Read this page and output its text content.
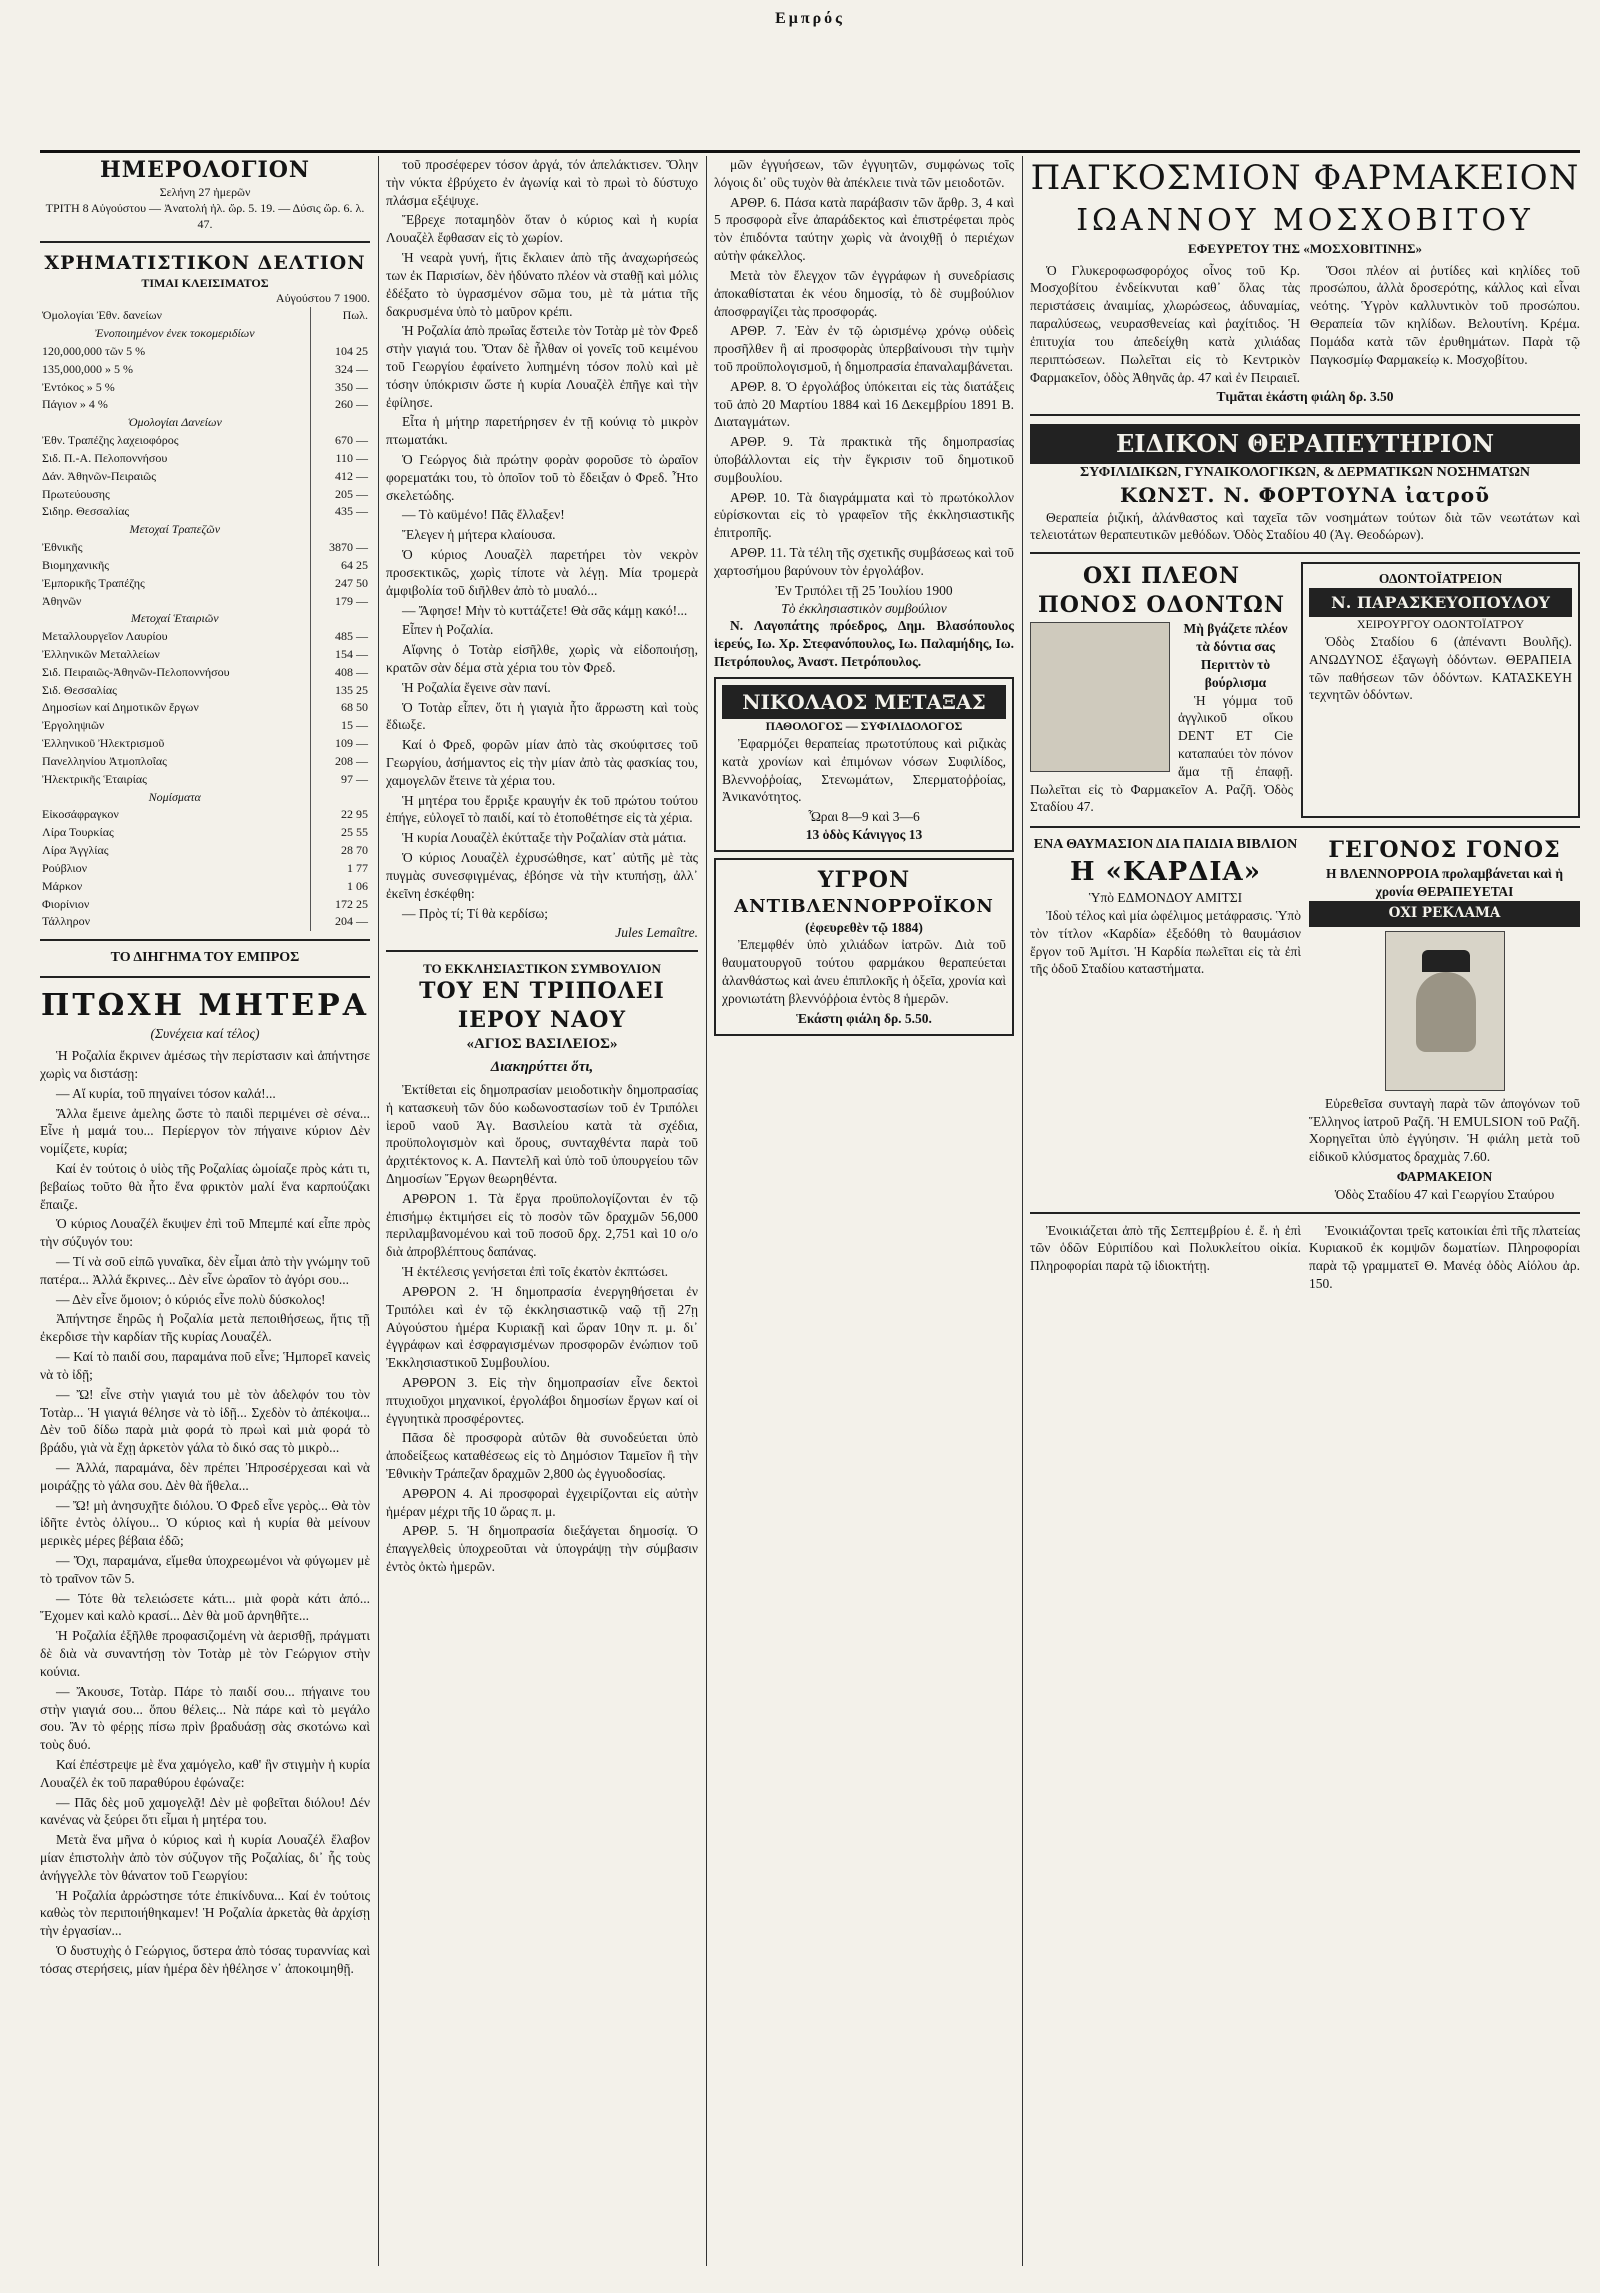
Εμπρός
ΗΜΕΡΟΛΟΓΙΟΝ
Σελήνη 27 ἡμερῶν
ΤΡΙΤΗ 8 Αὐγούστου — Ἀνατολή ἡλ. ὥρ. 5. 19. — Δύσις ὥρ. 6. λ. 47.
ΧΡΗΜΑΤΙΣΤΙΚΟΝ ΔΕΛΤΙΟΝ
ΤΙΜΑΙ ΚΛΕΙΣΙΜΑΤΟΣ
Αὐγούστου 7 1900.
Ὁμολογίαι Ἐθν. δανείων	Πωλ.
Ἐνοποιημένον ἐνεκ τοκομεριδίων	
120,000,000 τῶν 5 %	104 25
135,000,000 » 5 %	324 —
Ἐντόκος » 5 %	350 —
Πάγιον » 4 %	260 —
Ὁμολογίαι Δανείων	
Ἐθν. Τραπέζης λαχειοφόρος	670 —
Σιδ. Π.-Α. Πελοποννήσου	110 —
Δάν. Ἀθηνῶν-Πειραιῶς	412 —
Πρωτεύουσης	205 —
Σιδηρ. Θεσσαλίας	435 —
Μετοχαί Τραπεζῶν	
Ἐθνικῆς	3870 —
Βιομηχανικῆς	64 25
Ἐμπορικῆς Τραπέζης	247 50
Ἀθηνῶν	179 —
Μετοχαί Ἑταιριῶν	
Μεταλλουργεῖον Λαυρίου	485 —
Ἐλληνικῶν Μεταλλείων	154 —
Σιδ. Πειραιῶς-Ἀθηνῶν-Πελοποννήσου	408 —
Σιδ. Θεσσαλίας	135 25
Δημοσίων καί Δημοτικῶν ἔργων	68 50
Ἐργοληψιῶν	15 —
Ἑλληνικοῦ Ἠλεκτρισμοῦ	109 —
Πανελληνίου Ἀτμοπλοΐας	208 —
Ἠλεκτρικῆς Ἑταιρίας	97 —
Νομίσματα	
Εἰκοσάφραγκον	22 95
Λίρα Τουρκίας	25 55
Λίρα Ἀγγλίας	28 70
Ρούβλιον	1 77
Μάρκον	1 06
Φιορίνιον	172 25
Τάλληρον	204 —
ΤΟ ΔΙΗΓΗΜΑ ΤΟΥ ΕΜΠΡΟΣ
ΠΤΩΧΗ ΜΗΤΕΡΑ
(Συνέχεια καί τέλος)

Ἡ Ροζαλία ἔκρινεν ἀμέσως τὴν περίστασιν καὶ ἀπήντησε χωρὶς να διστάσῃ:

— Αἴ κυρία, τοῦ πηγαίνει τόσον καλά!...

Ἄλλα ἔμεινε ἀμελης ὥστε τὸ παιδὶ περιμένει σὲ σένα... Εἶνε ἡ μαμά του... Περίεργον τὸν πήγαινε κύριον Δὲν νομίζετε, κυρία;

Καί ἐν τούτοις ὁ υἱὸς τῆς Ροζαλίας ὡμοίαζε πρὸς κάτι τι, βεβαίως τοῦτο θὰ ἦτο ἕνα φρικτὸν μαλί ἕνα καρπούζακι ἔπαιζε.

Ὁ κύριος Λουαζέλ ἔκυψεν ἐπὶ τοῦ Μπεμπέ καί εἶπε πρὸς τὴν σύζυγόν του:

— Τί νὰ σοῦ εἰπῶ γυναῖκα, δὲν εἶμαι ἀπὸ τὴν γνώμην τοῦ πατέρα... Ἀλλά ἔκρινες... Δὲν εἶνε ὡραῖον τὸ ἀγόρι σου...

— Δὲν εἶνε ὅμοιον; ὁ κύριός εἶνε πολὺ δύσκολος!

Ἀπήντησε ἔηρῶς ἡ Ροζαλία μετὰ πεποιθήσεως, ἥτις τῇ ἐκερδισε τὴν καρδίαν τῆς κυρίας Λουαζέλ.

— Καί τὸ παιδί σου, παραμάνα ποῦ εἶνε; Ἡμπορεῖ κανεὶς νὰ τὸ ἰδῇ;

— Ὤ! εἶνε στὴν γιαγιά του μὲ τὸν ἀδελφόν του τὸν Τοτὰρ... Ἡ γιαγιά θέλησε νὰ τὸ ἰδῇ... Σχεδὸν τὸ ἀπέκοψα... Δὲν τοῦ δίδω παρὰ μιὰ φορά τὸ πρωὶ καὶ μιὰ φορά τὸ βράδυ, γιὰ νὰ ἔχῃ ἀρκετὸν γάλα τὸ δικό σας τὸ μικρὸ...

— Ἀλλά, παραμάνα, δὲν πρέπει Ἠπροσέρχεσαι καὶ νὰ μοιράζῃς τὸ γάλα σου. Δὲν θὰ ἤθελα...

— Ὤ! μὴ ἀνησυχῆτε διόλου. Ὁ Φρεδ εἶνε γερὸς... Θὰ τὸν ἰδῆτε ἐντὸς ὀλίγου... Ὁ κύριος καὶ ἡ κυρία θὰ μείνουν μερικὲς μέρες βέβαια ἐδῶ;

— Ὄχι, παραμάνα, εἴμεθα ὑποχρεωμένοι νὰ φύγωμεν μὲ τὸ τραῖνον τῶν 5.

— Τότε θὰ τελειώσετε κάτι... μιὰ φορὰ κάτι ἀπό... Ἔχομεν καὶ καλὸ κρασί... Δὲν θὰ μοῦ ἀρνηθῆτε...

Ἡ Ροζαλία ἐξῆλθε προφασιζομένη νὰ ἀερισθῇ, πράγματι δὲ διὰ νὰ συναντήσῃ τὸν Τοτὰρ μὲ τὸν Γεώργιον στὴν κούνια.

— Ἄκουσε, Τοτὰρ. Πάρε τὸ παιδί σου... πήγαινε του στὴν γιαγιά σου... ὅπου θέλεις... Νὰ πάρε καὶ τὸ μεγάλο σου. Ἂν τὸ φέρῃς πίσω πρὶν βραδυάσῃ σὰς σκοτώνω καὶ τοὺς δυό.

Καί ἐπέστρεψε μὲ ἕνα χαμόγελο, καθ' ἣν στιγμὴν ἡ κυρία Λουαζέλ ἐκ τοῦ παραθύρου ἐφώναζε:

— Πᾶς δὲς μοῦ χαμογελᾷ! Δὲν μὲ φοβεῖται διόλου! Δέν κανένας νὰ ξεύρει ὅτι εἶμαι ἡ μητέρα του.

Μετὰ ἕνα μῆνα ὁ κύριος καὶ ἡ κυρία Λουαζέλ ἔλαβον μίαν ἐπιστολὴν ἀπὸ τὸν σύζυγον τῆς Ροζαλίας, δι᾽ ἧς τοὺς ἀνήγγελλε τὸν θάνατον τοῦ Γεωργίου:

Ἡ Ροζαλία ἀρρώστησε τότε ἐπικίνδυνα... Καί ἐν τούτοις καθὼς τὸν περιποιήθηκαμεν! Ἡ Ροζαλία ἀρκετὰς θὰ ἀρχίσῃ τὴν ἐργασίαν...

Ὁ δυστυχὴς ὁ Γεώργιος, ὕστερα ἀπὸ τόσας τυραννίας καὶ τόσας στερήσεις, μίαν ἡμέρα δὲν ἠθέλησε ν᾽ ἀποκοιμηθῇ.

τοῦ προσέφερεν τόσον ἀργά, τόν ἀπελάκτισεν. Ὅλην τὴν νύκτα ἐβρύχετο ἐν ἀγωνίᾳ καὶ τὸ πρωὶ τὸ δύστυχο πλάσμα εξέψυχε.

Ἔβρεχε ποταμηδὸν ὅταν ὁ κύριος καὶ ἡ κυρία Λουαζὲλ ἔφθασαν εἰς τὸ χωρίον.

Ἡ νεαρὰ γυνή, ἥτις ἔκλαιεν ἀπὸ τῆς ἀναχωρήσεώς των ἐκ Παρισίων, δὲν ἠδύνατο πλέον νὰ σταθῇ καὶ μόλις ἐδέξατο τὸ ὑγρασμένον σῶμα του, μὲ τὰ μάτια τῆς δακρυσμένα ὑπὸ τὸ μαῦρον κρέπι.

Ἡ Ροζαλία ἀπὸ πρωΐας ἔστειλε τὸν Τοτὰρ μὲ τὸν Φρεδ στὴν γιαγιά του. Ὅταν δὲ ἦλθαν οἱ γονεῖς τοῦ κειμένου τοῦ Γεωργίου ἐφαίνετο λυπημένη τόσον πολὺ καὶ μὲ τόσην ὑπόκρισιν ὥστε ἡ κυρία Λουαζὲλ ἐπῆγε καὶ τὴν ἐφίλησε.

Εἶτα ἡ μήτηρ παρετήρησεν ἐν τῇ κούνιᾳ τὸ μικρὸν πτωματάκι.

Ὁ Γεώργος διὰ πρώτην φορὰν φοροῦσε τὸ ὡραῖον φορεματάκι του, τὸ ὁποῖον τοῦ τὸ ἔδειξαν ὁ Φρεδ. Ἦτο σκελετώδης.

— Τὸ καϋμένο! Πᾶς ἔλλαξεν!

Ἔλεγεν ἡ μήτερα κλαίουσα.

Ὁ κύριος Λουαζὲλ παρετήρει τὸν νεκρὸν προσεκτικῶς, χωρὶς τίποτε νὰ λέγῃ. Μία τρομερὰ ἀμφιβολία τοῦ διῆλθεν ἀπὸ τὸ μυαλό...

— Ἄφησε! Μὴν τὸ κυττάζετε! Θὰ σᾶς κάμῃ κακό!...

Εἶπεν ἡ Ροζαλία.

Αἴφνης ὁ Τοτὰρ εἰσῆλθε, χωρὶς νὰ εἰδοποιήσῃ, κρατῶν σὰν δέμα στὰ χέρια του τὸν Φρεδ.

Ἡ Ροζαλία ἔγεινε σὰν πανί.

Ὁ Τοτὰρ εἶπεν, ὅτι ἡ γιαγιὰ ἦτο ἄρρωστη καὶ τοὺς ἔδιωξε.

Καί ὁ Φρεδ, φορῶν μίαν ἀπὸ τὰς σκούφιτσες τοῦ Γεωργίου, ἀσήμαντος εἰς τὴν μίαν ἀπὸ τὰς φασκίας του, χαμογελῶν ἔτεινε τὰ χέρια του.

Ἡ μητέρα του ἔρριξε κραυγήν ἐκ τοῦ πρώτου τούτου ἐπήγε, εὐλογεῖ τὸ παιδί, καί τὸ ἐτοποθέτησε εἰς τὰ χέρια.

Ἡ κυρία Λουαζὲλ ἐκύτταξε τὴν Ροζαλίαν στὰ μάτια.

Ὁ κύριος Λουαζὲλ ἐχρυσώθησε, κατ᾽ αὐτῆς μὲ τὰς πυγμὰς συνεσφιγμένας, ἐβόησε νὰ τὴν κτυπήσῃ, ἀλλ᾽ ἐκεῖνη ἐσκέφθη:

— Πρὸς τί; Τί θὰ κερδίσω;

Jules Lemaître.
ΤΟ ΕΚΚΛΗΣΙΑΣΤΙΚΟΝ ΣΥΜΒΟΥΛΙΟΝ
ΤΟΥ ΕΝ ΤΡΙΠΟΛΕΙ ΙΕΡΟΥ ΝΑΟΥ
«ΑΓΙΟΣ ΒΑΣΙΛΕΙΟΣ»
Διακηρύττει ὅτι,

Ἐκτίθεται εἰς δημοπρασίαν μειοδοτικὴν δημοπρασίας ἡ κατασκευὴ τῶν δύο κωδωνοστασίων τοῦ ἐν Τριπόλει ἱεροῦ ναοῦ Ἁγ. Βασιλείου κατὰ τὰ σχέδια, προϋπολογισμὸν καὶ ὅρους, συνταχθέντα παρὰ τοῦ ἀρχιτέκτονος κ. Α. Παντελῆ καὶ ὑπὸ τοῦ ὑπουργείου τῶν Δημοσίων Ἔργων θεωρηθέντα.

ΑΡΘΡΟΝ 1. Τὰ ἔργα προϋπολογίζονται ἐν τῷ ἐπισήμῳ ἐκτιμήσει εἰς τὸ ποσὸν τῶν δραχμῶν 56,000 περιλαμβανομένου καὶ τοῦ ποσοῦ δρχ. 2,751 καὶ 10 ο/ο διὰ ἀπροβλέπτους δαπάνας.

Ἡ ἐκτέλεσις γενήσεται ἐπὶ τοῖς ἐκατὸν ἐκπτώσει.

ΑΡΘΡΟΝ 2. Ἡ δημοπρασία ἐνεργηθήσεται ἐν Τριπόλει καὶ ἐν τῷ ἐκκλησιαστικῷ ναῷ τῇ 27ῃ Αὐγούστου ἡμέρα Κυριακῇ καὶ ὥραν 10ην π. μ. δι᾽ ἐγγράφων καὶ ἐσφραγισμένων προσφορῶν ἐνώπιον τοῦ Ἐκκλησιαστικοῦ Συμβουλίου.

ΑΡΘΡΟΝ 3. Εἰς τὴν δημοπρασίαν εἶνε δεκτοὶ πτυχιοῦχοι μηχανικοί, ἐργολάβοι δημοσίων ἔργων καί οἱ ἐγγυητικὰ προσφέροντες.

Πᾶσα δὲ προσφορὰ αὐτῶν θὰ συνοδεύεται ὑπὸ ἀποδείξεως καταθέσεως εἰς τὸ Δημόσιον Ταμεῖον ἢ τὴν Ἐθνικὴν Τράπεζαν δραχμῶν 2,800 ὡς ἐγγυοδοσίας.

ΑΡΘΡΟΝ 4. Αἱ προσφοραὶ ἐγχειρίζονται εἰς αὐτὴν ἡμέραν μέχρι τῆς 10 ὥρας π. μ.

ΑΡΘΡ. 5. Ἡ δημοπρασία διεξάγεται δημοσίᾳ. Ὁ ἐπαγγελθεὶς ὑποχρεοῦται νὰ ὑπογράψῃ τὴν σύμβασιν ἐντὸς ὀκτὼ ἡμερῶν.

μῶν ἐγγυήσεων, τῶν ἐγγυητῶν, συμφώνως τοῖς λόγοις δι᾽ οὓς τυχὸν θὰ ἀπέκλειε τινὰ τῶν μειοδοτῶν.

ΑΡΘΡ. 6. Πάσα κατὰ παράβασιν τῶν ἄρθρ. 3, 4 καὶ 5 προσφορὰ εἶνε ἀπαράδεκτος καὶ ἐπιστρέφεται πρὸς τὸν ἐπιδόντα ταύτην χωρὶς νὰ ἀνοιχθῇ ὁ περιέχων αὐτὴν φάκελλος.

Μετὰ τὸν ἔλεγχον τῶν ἐγγράφων ἡ συνεδρίασις ἀποκαθίσταται ἐκ νέου δημοσίᾳ, τὸ δὲ συμβούλιον ἀποσφραγίζει τὰς προσφοράς.

ΑΡΘΡ. 7. Ἐὰν ἐν τῷ ὡρισμένῳ χρόνῳ οὐδεὶς προσῆλθεν ἢ αἱ προσφορὰς ὑπερβαίνουσι τὴν τιμὴν τοῦ προϋπολογισμοῦ, ἡ δημοπρασία ἐπαναλαμβάνεται.

ΑΡΘΡ. 8. Ὁ ἐργολάβος ὑπόκειται εἰς τὰς διατάξεις τοῦ ἀπὸ 20 Μαρτίου 1884 καὶ 16 Δεκεμβρίου 1891 Β. Διαταγμάτων.

ΑΡΘΡ. 9. Τὰ πρακτικὰ τῆς δημοπρασίας ὑποβάλλονται εἰς τὴν ἔγκρισιν τοῦ δημοτικοῦ συμβουλίου.

ΑΡΘΡ. 10. Τὰ διαγράμματα καὶ τὸ πρωτόκολλον εὑρίσκονται εἰς τὸ γραφεῖον τῆς ἐκκλησιαστικῆς ἐπιτροπῆς.

ΑΡΘΡ. 11. Τὰ τέλη τῆς σχετικῆς συμβάσεως καὶ τοῦ χαρτοσήμου βαρύνουν τὸν ἐργολάβον.

Ἐν Τριπόλει τῇ 25 Ἰουλίου 1900
Τὸ ἐκκλησιαστικὸν συμβούλιον

Ν. Λαγοπάτης πρόεδρος, Δημ. Βλασόπουλος ἱερεύς, Ιω. Χρ. Στεφανόπουλος, Ιω. Παλαμήδης, Ιω. Πετρόπουλος, Ἀναστ. Πετρόπουλος.

ΝΙΚΟΛΑΟΣ ΜΕΤΑΞΑΣ
ΠΑΘΟΛΟΓΟΣ — ΣΥΦΙΛΙΔΟΛΟΓΟΣ

Ἐφαρμόζει θεραπείας πρωτοτύπους καὶ ριζικὰς κατὰ χρονίων καὶ ἐπιμόνων νόσων Συφιλίδος, Βλεννοῤῥοίας, Στενωμάτων, Σπερματοῤῥοίας, Ἀνικανότητος.

Ὧραι 8—9 καὶ 3—6
13 ὁδὸς Κάνιγγος 13
ΥΓΡΟΝ
ΑΝΤΙΒΛΕΝΝΟΡΡΟΪΚΟΝ
(ἐφευρεθὲν τῷ 1884)

Ἐπεμφθέν ὑπὸ χιλιάδων ἰατρῶν. Διὰ τοῦ θαυματουργοῦ τούτου φαρμάκου θεραπεύεται ἀλανθάστως καὶ ἀνευ ἐπιπλοκῆς ἡ ὀξεῖα, χρονία καὶ χρονιωτάτη βλεννόῤῥοια ἐντὸς 8 ἡμερῶν.

Ἑκάστη φιάλη δρ. 5.50.
ΠΑΓΚΟΣΜΙΟΝ ΦΑΡΜΑΚΕΙΟΝ
ΙΩΑΝΝΟΥ ΜΟΣΧΟΒΙΤΟΥ
ΕΦΕΥΡΕΤΟΥ ΤΗΣ «ΜΟΣΧΟΒΙΤΙΝΗΣ»

Ὁ Γλυκεροφωσφορόχος οἶνος τοῦ Κρ. Μοσχοβίτου ἐνδείκνυται καθ᾽ ὅλας τὰς περιστάσεις ἀναιμίας, χλωρώσεως, ἀδυναμίας, παραλύσεως, νευρασθενείας καὶ ῥαχίτιδος. Ἡ ἐπιτυχία του ἀπεδείχθη κατὰ χιλιάδας περιπτώσεων. Πωλεῖται εἰς τὸ Κεντρικὸν Φαρμακεῖον, ὁδὸς Ἀθηνᾶς ἀρ. 47 καὶ ἐν Πειραιεῖ.

Ὅσοι πλέον αἱ ῥυτίδες καὶ κηλίδες τοῦ προσώπου, ἀλλὰ δροσερότης, κάλλος καὶ εἶναι νεότης. Ὑγρὸν καλλυντικὸν τοῦ προσώπου. Θεραπεία τῶν κηλίδων. Βελουτίνη. Κρέμα. Πομάδα κατὰ τῶν ἐρυθημάτων. Παρὰ τῷ Παγκοσμίῳ Φαρμακείῳ κ. Μοσχοβίτου.

Τιμᾶται ἑκάστη φιάλη δρ. 3.50
ΕΙΔΙΚΟΝ ΘΕΡΑΠΕΥΤΗΡΙΟΝ
ΣΥΦΙΛΙΔΙΚΩΝ, ΓΥΝΑΙΚΟΛΟΓΙΚΩΝ, & ΔΕΡΜΑΤΙΚΩΝ ΝΟΣΗΜΑΤΩΝ
ΚΩΝΣΤ. Ν. ΦΟΡΤΟΥΝΑ ἰατροῦ

Θεραπεία ῥιζική, ἀλάνθαστος καὶ ταχεῖα τῶν νοσημάτων τούτων διὰ τῶν νεωτάτων καὶ τελειοτάτων θεραπευτικῶν μεθόδων. Ὁδὸς Σταδίου 40 (Ἁγ. Θεοδώρων).

ΟΧΙ ΠΛΕΟΝ ΠΟΝΟΣ ΟΔΟΝΤΩΝ
Μὴ βγάζετε πλέον τὰ δόντια σας Περιττὸν τὸ βούρλισμα

Ἡ γόμμα τοῦ ἀγγλικοῦ οἴκου DENT ET Cie καταπαύει τὸν πόνον ἅμα τῇ ἐπαφῇ. Πωλεῖται εἰς τὸ Φαρμακεῖον Α. Ραζῆ. Ὁδὸς Σταδίου 47.

ΟΔΟΝΤΟΪΑΤΡΕΙΟΝ
Ν. ΠΑΡΑΣΚΕΥΟΠΟΥΛΟΥ
ΧΕΙΡΟΥΡΓΟΥ ΟΔΟΝΤΟΪΑΤΡΟΥ

Ὁδὸς Σταδίου 6 (ἀπέναντι Βουλῆς). ΑΝΩΔΥΝΟΣ ἐξαγωγὴ ὀδόντων. ΘΕΡΑΠΕΙΑ τῶν παθήσεων τῶν ὀδόντων. ΚΑΤΑΣΚΕΥΗ τεχνητῶν ὀδόντων.

ΕΝΑ ΘΑΥΜΑΣΙΟΝ ΔΙΑ ΠΑΙΔΙΑ ΒΙΒΛΙΟΝ
Η «ΚΑΡΔΙΑ»
Ὑπὸ ΕΔΜΟΝΔΟΥ ΑΜΙΤΣΙ

Ἰδοὺ τέλος καὶ μία ὠφέλιμος μετάφρασις. Ὑπὸ τὸν τίτλον «Καρδία» ἐξεδόθη τὸ θαυμάσιον ἔργον τοῦ Ἀμίτσι. Ἡ Καρδία πωλεῖται εἰς τὰ ἐπὶ τῆς ὁδοῦ Σταδίου καταστήματα.

ΓΕΓΟΝΟΣ ΓΟΝΟΣ
Η ΒΛΕΝΝΟΡΡΟΙΑ προλαμβάνεται καὶ ἡ χρονία ΘΕΡΑΠΕΥΕΤΑΙ
ΟΧΙ ΡΕΚΛΑΜΑ

Εὑρεθεῖσα συνταγὴ παρὰ τῶν ἀπογόνων τοῦ Ἕλληνος ἰατροῦ Ραζῆ. Ἡ EMULSION τοῦ Ραζῆ. Χορηγεῖται ὑπὸ ἐγγύησιν. Ἡ φιάλη μετὰ τοῦ εἰδικοῦ κλύσματος δραχμὰς 7.60.

ΦΑΡΜΑΚΕΙΟΝ
Ὁδὸς Σταδίου 47 καὶ Γεωργίου Σταύρου

Ἐνοικιάζεται ἀπὸ τῆς Σεπτεμβρίου ἐ. ἔ. ἡ ἐπὶ τῶν ὁδῶν Εὐριπίδου καὶ Πολυκλείτου οἰκία. Πληροφορίαι παρὰ τῷ ἰδιοκτήτῃ.

Ἐνοικιάζονται τρεῖς κατοικίαι ἐπὶ τῆς πλατείας Κυριακοῦ ἐκ κομψῶν δωματίων. Πληροφορίαι παρὰ τῷ γραμματεῖ Θ. Μανέᾳ ὁδὸς Αἰόλου ἀρ. 150.
